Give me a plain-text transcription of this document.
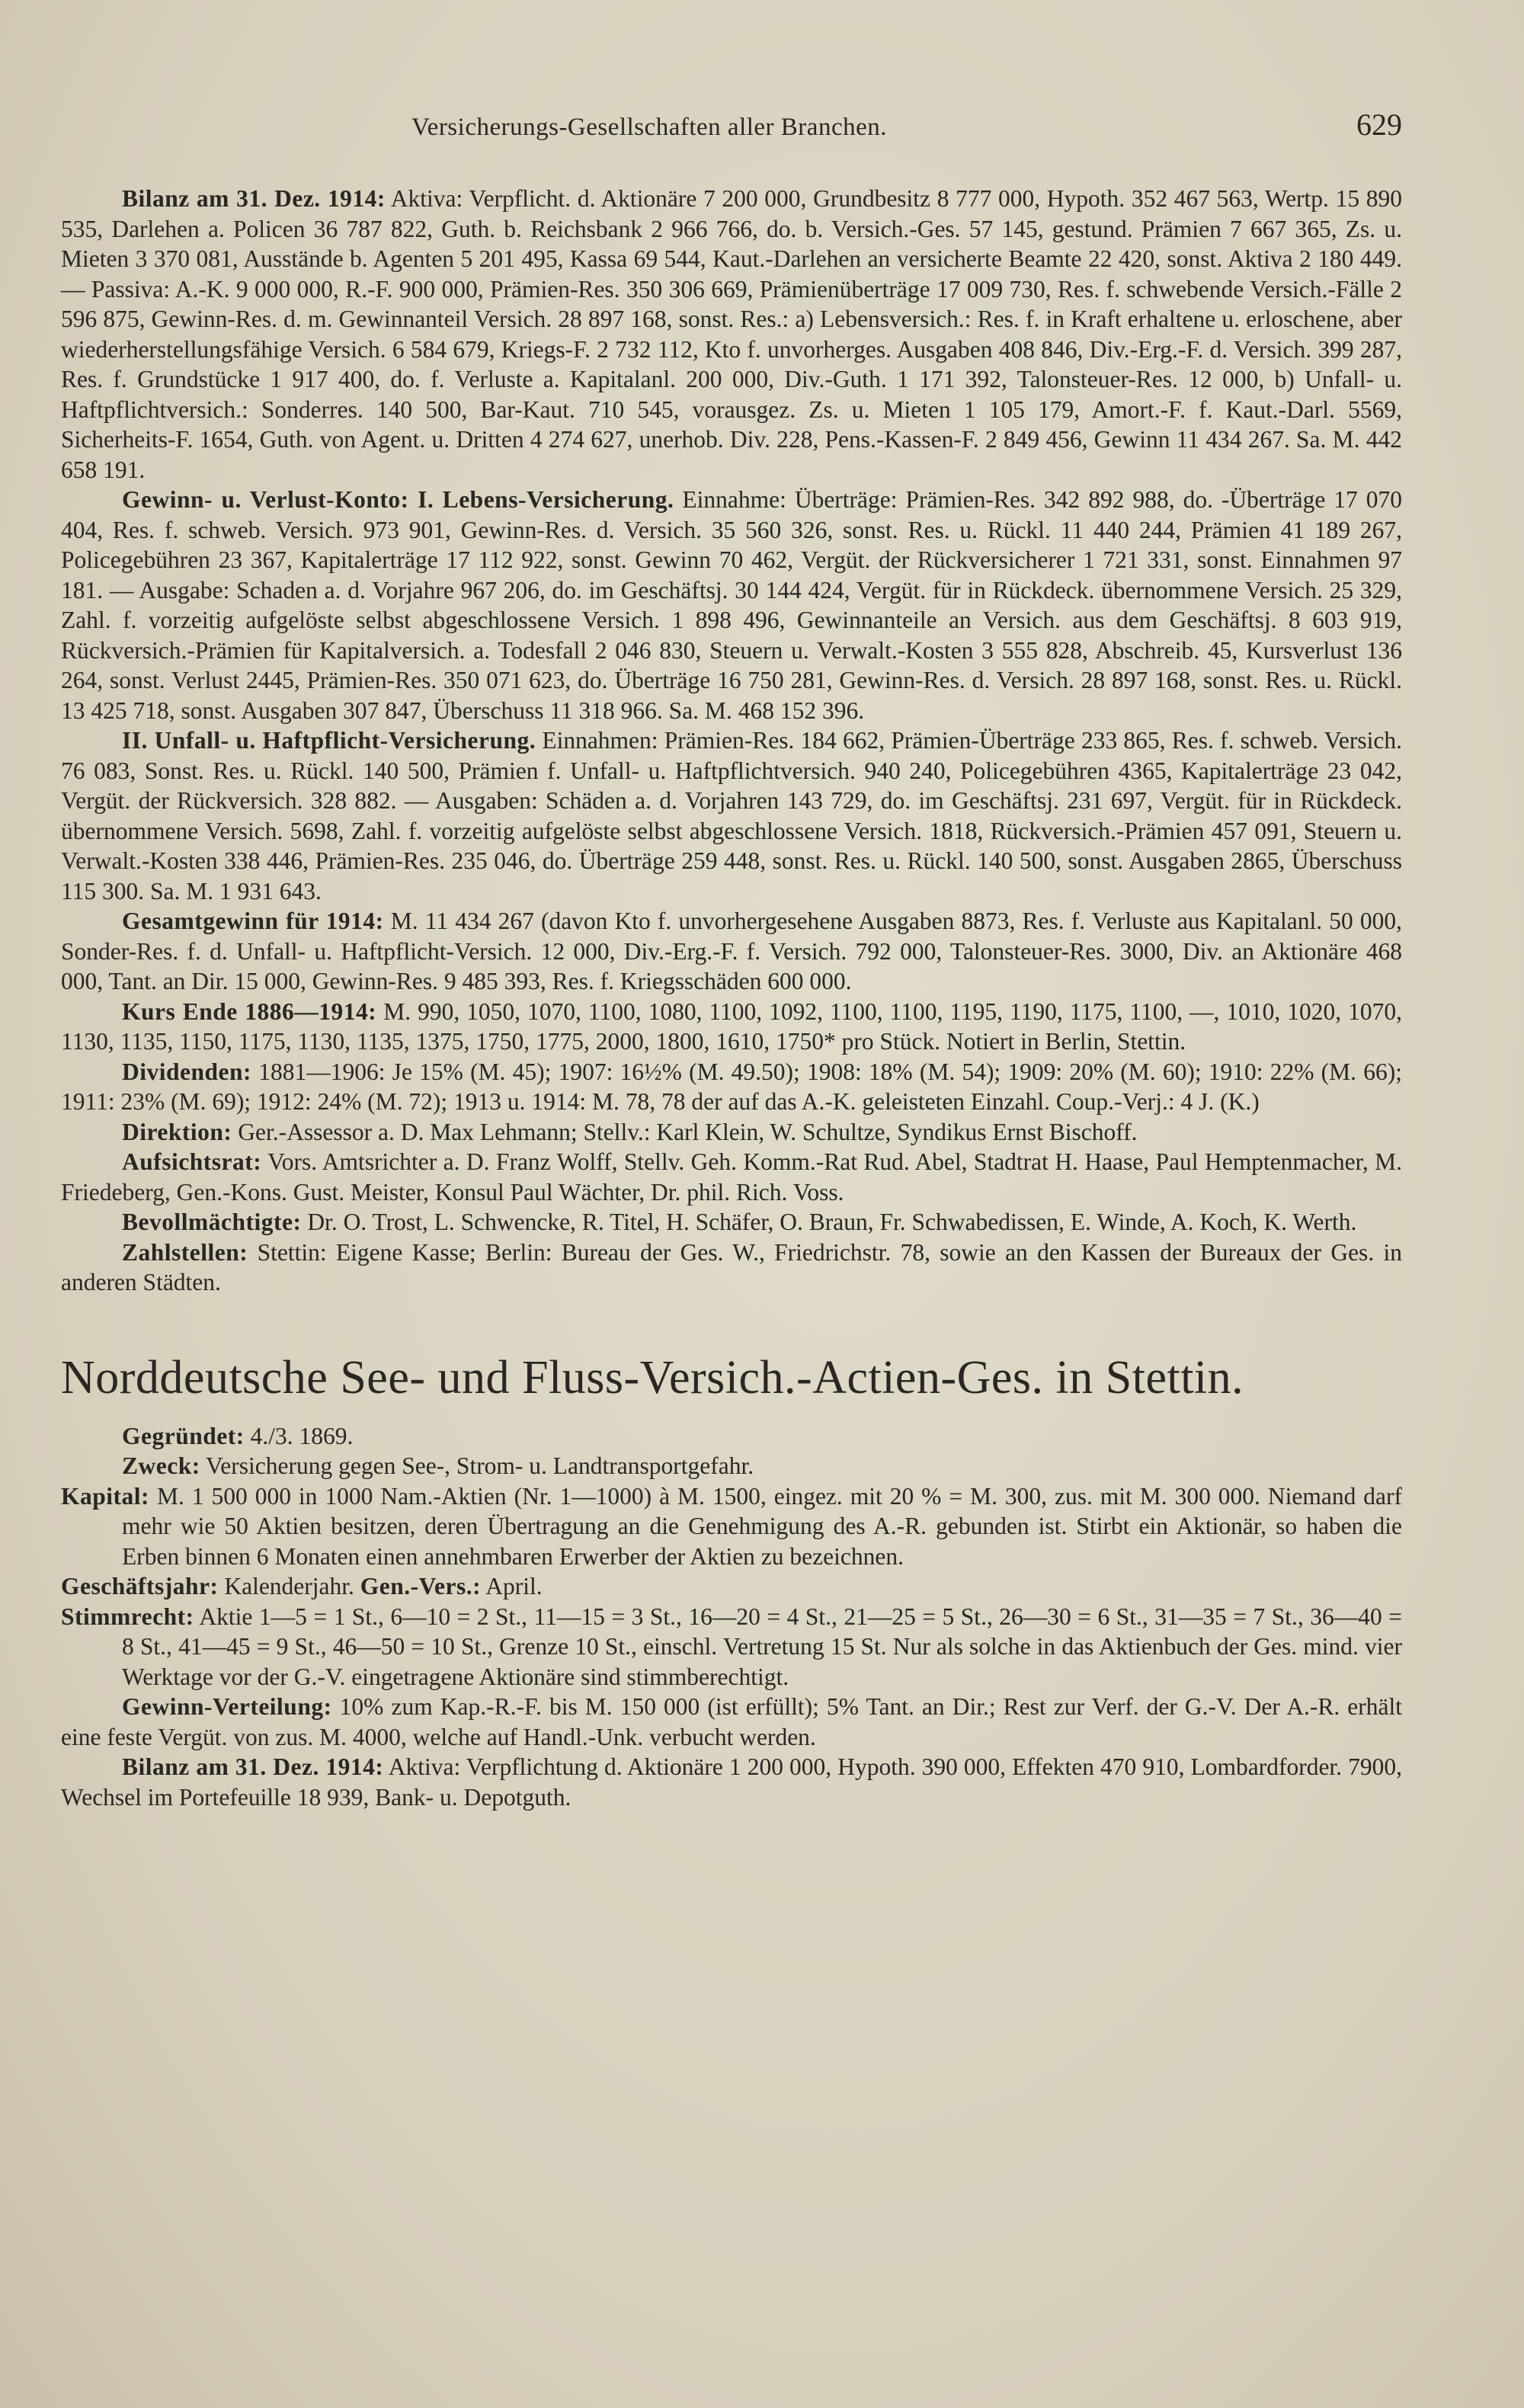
Versicherungs-Gesellschaften aller Branchen.	629

Bilanz am 31. Dez. 1914: Aktiva: Verpflicht. d. Aktionäre 7 200 000, Grundbesitz 8 777 000, Hypoth. 352 467 563, Wertp. 15 890 535, Darlehen a. Policen 36 787 822, Guth. b. Reichsbank 2 966 766, do. b. Versich.-Ges. 57 145, gestund. Prämien 7 667 365, Zs. u. Mieten 3 370 081, Ausstände b. Agenten 5 201 495, Kassa 69 544, Kaut.-Darlehen an versicherte Beamte 22 420, sonst. Aktiva 2 180 449. — Passiva: A.-K. 9 000 000, R.-F. 900 000, Prämien-Res. 350 306 669, Prämienüberträge 17 009 730, Res. f. schwebende Versich.-Fälle 2 596 875, Gewinn-Res. d. m. Gewinnanteil Versich. 28 897 168, sonst. Res.: a) Lebensversich.: Res. f. in Kraft erhaltene u. erloschene, aber wiederherstellungsfähige Versich. 6 584 679, Kriegs-F. 2 732 112, Kto f. unvorherges. Ausgaben 408 846, Div.-Erg.-F. d. Versich. 399 287, Res. f. Grundstücke 1 917 400, do. f. Verluste a. Kapitalanl. 200 000, Div.-Guth. 1 171 392, Talonsteuer-Res. 12 000, b) Unfall- u. Haftpflichtversich.: Sonderres. 140 500, Bar-Kaut. 710 545, vorausgez. Zs. u. Mieten 1 105 179, Amort.-F. f. Kaut.-Darl. 5569, Sicherheits-F. 1654, Guth. von Agent. u. Dritten 4 274 627, unerhob. Div. 228, Pens.-Kassen-F. 2 849 456, Gewinn 11 434 267. Sa. M. 442 658 191.

Gewinn- u. Verlust-Konto: I. Lebens-Versicherung. Einnahme: Überträge: Prämien-Res. 342 892 988, do. -Überträge 17 070 404, Res. f. schweb. Versich. 973 901, Gewinn-Res. d. Versich. 35 560 326, sonst. Res. u. Rückl. 11 440 244, Prämien 41 189 267, Policegebühren 23 367, Kapitalerträge 17 112 922, sonst. Gewinn 70 462, Vergüt. der Rückversicherer 1 721 331, sonst. Einnahmen 97 181. — Ausgabe: Schaden a. d. Vorjahre 967 206, do. im Geschäftsj. 30 144 424, Vergüt. für in Rückdeck. übernommene Versich. 25 329, Zahl. f. vorzeitig aufgelöste selbst abgeschlossene Versich. 1 898 496, Gewinnanteile an Versich. aus dem Geschäftsj. 8 603 919, Rückversich.-Prämien für Kapitalversich. a. Todesfall 2 046 830, Steuern u. Verwalt.-Kosten 3 555 828, Abschreib. 45, Kursverlust 136 264, sonst. Verlust 2445, Prämien-Res. 350 071 623, do. Überträge 16 750 281, Gewinn-Res. d. Versich. 28 897 168, sonst. Res. u. Rückl. 13 425 718, sonst. Ausgaben 307 847, Überschuss 11 318 966. Sa. M. 468 152 396.

II. Unfall- u. Haftpflicht-Versicherung. Einnahmen: Prämien-Res. 184 662, Prämien-Überträge 233 865, Res. f. schweb. Versich. 76 083, Sonst. Res. u. Rückl. 140 500, Prämien f. Unfall- u. Haftpflichtversich. 940 240, Policegebühren 4365, Kapitalerträge 23 042, Vergüt. der Rückversich. 328 882. — Ausgaben: Schäden a. d. Vorjahren 143 729, do. im Geschäftsj. 231 697, Vergüt. für in Rückdeck. übernommene Versich. 5698, Zahl. f. vorzeitig aufgelöste selbst abgeschlossene Versich. 1818, Rückversich.-Prämien 457 091, Steuern u. Verwalt.-Kosten 338 446, Prämien-Res. 235 046, do. Überträge 259 448, sonst. Res. u. Rückl. 140 500, sonst. Ausgaben 2865, Überschuss 115 300. Sa. M. 1 931 643.

Gesamtgewinn für 1914: M. 11 434 267 (davon Kto f. unvorhergesehene Ausgaben 8873, Res. f. Verluste aus Kapitalanl. 50 000, Sonder-Res. f. d. Unfall- u. Haftpflicht-Versich. 12 000, Div.-Erg.-F. f. Versich. 792 000, Talonsteuer-Res. 3000, Div. an Aktionäre 468 000, Tant. an Dir. 15 000, Gewinn-Res. 9 485 393, Res. f. Kriegsschäden 600 000.

Kurs Ende 1886—1914: M. 990, 1050, 1070, 1100, 1080, 1100, 1092, 1100, 1100, 1195, 1190, 1175, 1100, —, 1010, 1020, 1070, 1130, 1135, 1150, 1175, 1130, 1135, 1375, 1750, 1775, 2000, 1800, 1610, 1750* pro Stück. Notiert in Berlin, Stettin.

Dividenden: 1881—1906: Je 15% (M. 45); 1907: 16½% (M. 49.50); 1908: 18% (M. 54); 1909: 20% (M. 60); 1910: 22% (M. 66); 1911: 23% (M. 69); 1912: 24% (M. 72); 1913 u. 1914: M. 78, 78 der auf das A.-K. geleisteten Einzahl. Coup.-Verj.: 4 J. (K.)

Direktion: Ger.-Assessor a. D. Max Lehmann; Stellv.: Karl Klein, W. Schultze, Syndikus Ernst Bischoff.

Aufsichtsrat: Vors. Amtsrichter a. D. Franz Wolff, Stellv. Geh. Komm.-Rat Rud. Abel, Stadtrat H. Haase, Paul Hemptenmacher, M. Friedeberg, Gen.-Kons. Gust. Meister, Konsul Paul Wächter, Dr. phil. Rich. Voss.

Bevollmächtigte: Dr. O. Trost, L. Schwencke, R. Titel, H. Schäfer, O. Braun, Fr. Schwabedissen, E. Winde, A. Koch, K. Werth.

Zahlstellen: Stettin: Eigene Kasse; Berlin: Bureau der Ges. W., Friedrichstr. 78, sowie an den Kassen der Bureaux der Ges. in anderen Städten.

Norddeutsche See- und Fluss-Versich.-Actien-Ges. in Stettin.

Gegründet: 4./3. 1869.

Zweck: Versicherung gegen See-, Strom- u. Landtransportgefahr.

Kapital: M. 1 500 000 in 1000 Nam.-Aktien (Nr. 1—1000) à M. 1500, eingez. mit 20 % = M. 300, zus. mit M. 300 000. Niemand darf mehr wie 50 Aktien besitzen, deren Übertragung an die Genehmigung des A.-R. gebunden ist. Stirbt ein Aktionär, so haben die Erben binnen 6 Monaten einen annehmbaren Erwerber der Aktien zu bezeichnen.

Geschäftsjahr: Kalenderjahr. Gen.-Vers.: April.

Stimmrecht: Aktie 1—5 = 1 St., 6—10 = 2 St., 11—15 = 3 St., 16—20 = 4 St., 21—25 = 5 St., 26—30 = 6 St., 31—35 = 7 St., 36—40 = 8 St., 41—45 = 9 St., 46—50 = 10 St., Grenze 10 St., einschl. Vertretung 15 St. Nur als solche in das Aktienbuch der Ges. mind. vier Werktage vor der G.-V. eingetragene Aktionäre sind stimmberechtigt.

Gewinn-Verteilung: 10% zum Kap.-R.-F. bis M. 150 000 (ist erfüllt); 5% Tant. an Dir.; Rest zur Verf. der G.-V. Der A.-R. erhält eine feste Vergüt. von zus. M. 4000, welche auf Handl.-Unk. verbucht werden.

Bilanz am 31. Dez. 1914: Aktiva: Verpflichtung d. Aktionäre 1 200 000, Hypoth. 390 000, Effekten 470 910, Lombardforder. 7900, Wechsel im Portefeuille 18 939, Bank- u. Depotguth.
